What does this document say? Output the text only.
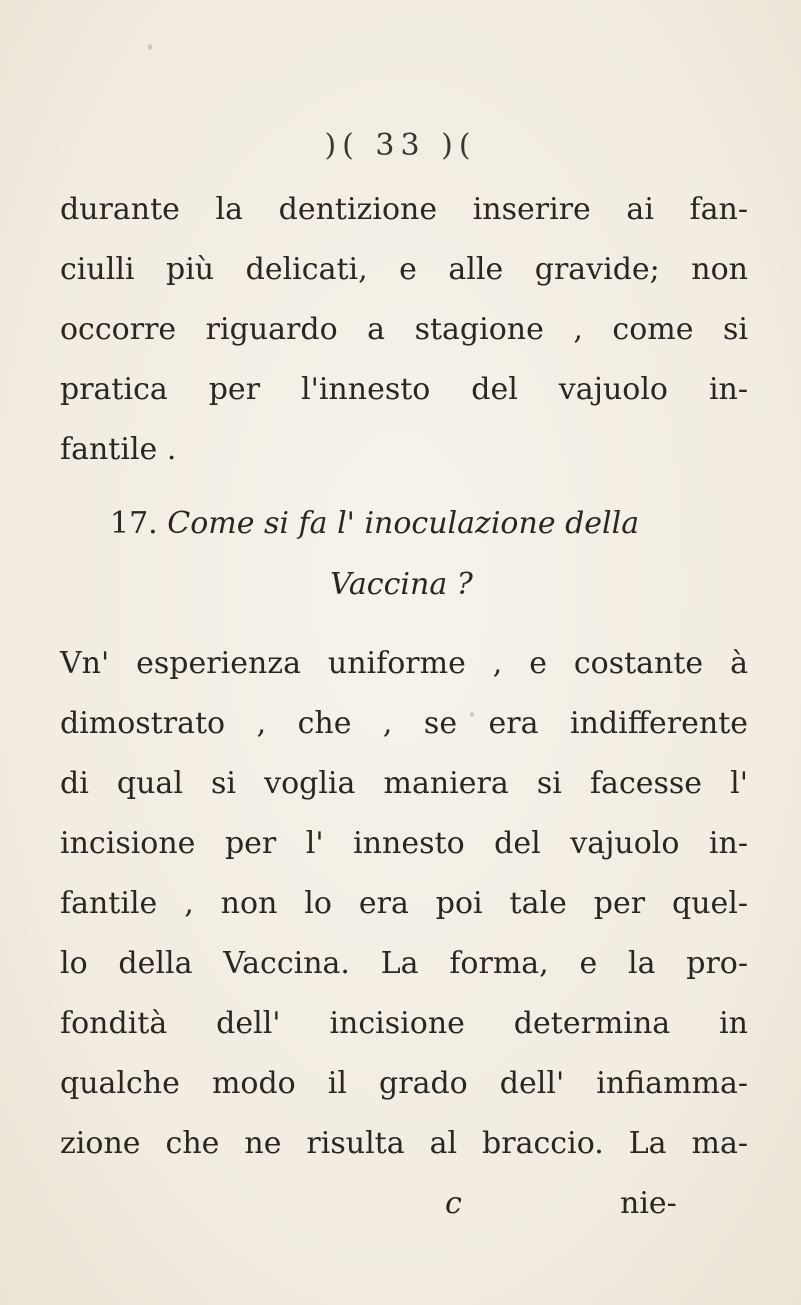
)( 33 )(
durante la dentizione inserire ai fan-
ciulli più delicati, e alle gravide; non
occorre riguardo a stagione , come si
pratica per l'innesto del vajuolo in-
fantile .
17. Come si fa l' inoculazione della
Vaccina ?
Vn' esperienza uniforme , e costante à
dimostrato , che , se era indifferente
di qual si voglia maniera si facesse l'
incisione per l' innesto del vajuolo in-
fantile , non lo era poi tale per quel-
lo della Vaccina. La forma, e la pro-
fondità dell' incisione determina in
qualche modo il grado dell' infiamma-
zione che ne risulta al braccio. La ma-
c	nie-
